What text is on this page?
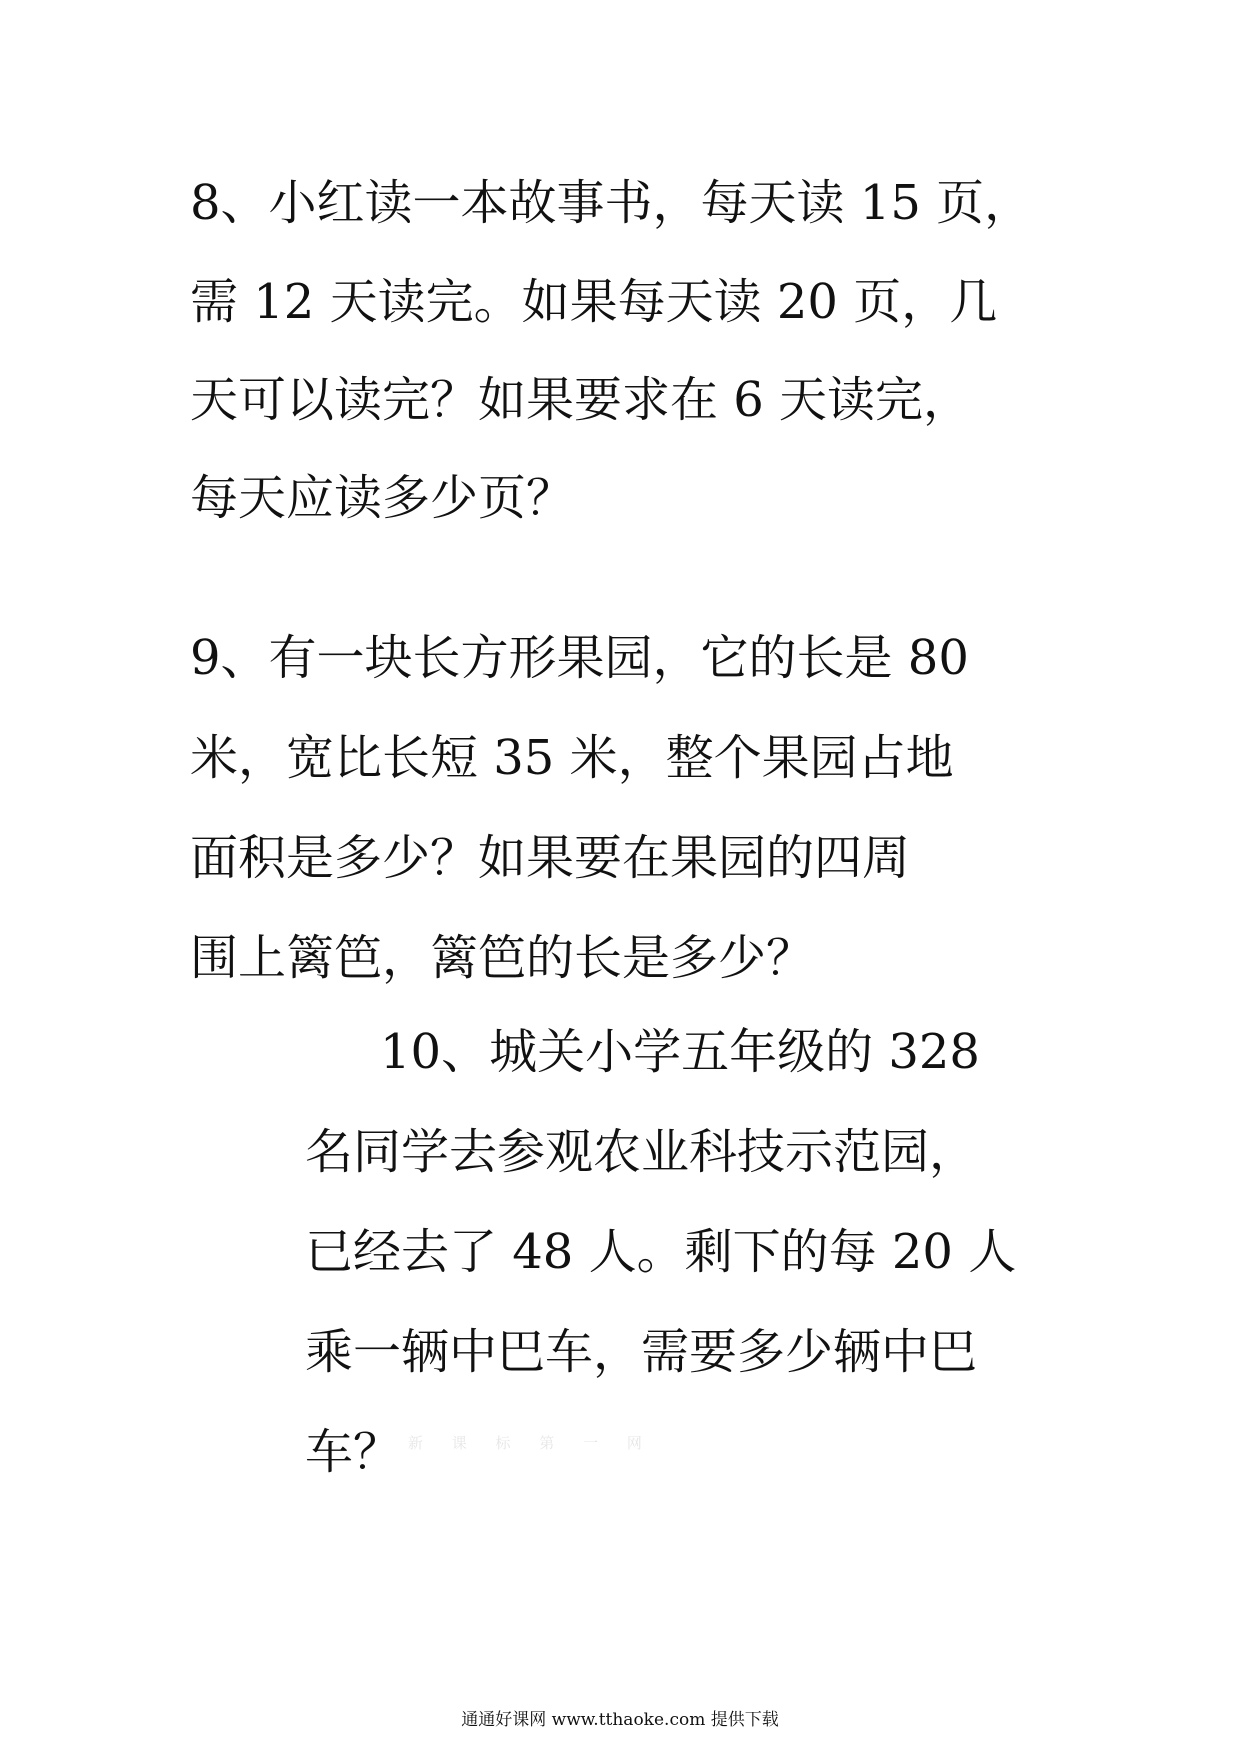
8、小红读一本故事书，每天读 15 页，

需 12 天读完。如果每天读 20 页，几

天可以读完？如果要求在 6 天读完，

每天应读多少页？

9、有一块长方形果园，它的长是 80

米，宽比长短 35 米，整个果园占地

面积是多少？如果要在果园的四周

围上篱笆，篱笆的长是多少？

10、城关小学五年级的 328

名同学去参观农业科技示范园，

已经去了 48 人。剩下的每 20 人

乘一辆中巴车，需要多少辆中巴

车？ 新 课 标 第 一 网
通通好课网 www.tthaoke.com 提供下载
